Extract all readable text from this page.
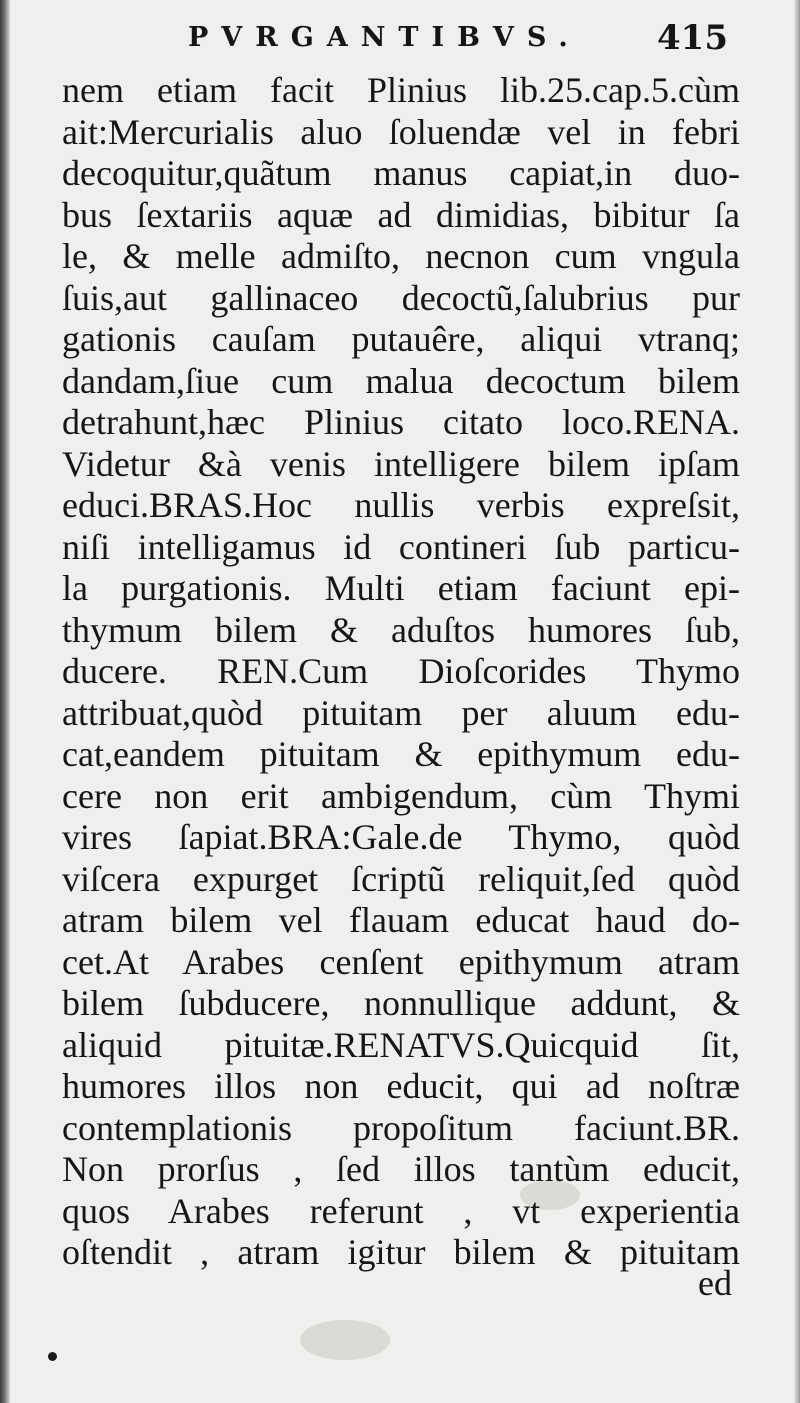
PVRGANTIBVS. 415
nem etiam facit Plinius lib.25.cap.5.cùm
ait:Mercurialis aluo ſoluendæ vel in febri
decoquitur,quãtum manus capiat,in duo-
bus ſextariis aquæ ad dimidias, bibitur ſa
le, & melle admiſto, necnon cum vngula
ſuis,aut gallinaceo decoctũ,ſalubrius pur
gationis cauſam putauêre, aliqui vtranq;
dandam,ſiue cum malua decoctum bilem
detrahunt,hæc Plinius citato loco.RENA.
Videtur &à venis intelligere bilem ipſam
educi.BRAS.Hoc nullis verbis expreſsit,
niſi intelligamus id contineri ſub particu-
la purgationis. Multi etiam faciunt epi-
thymum bilem & aduſtos humores ſub,
ducere. REN.Cum Dioſcorides Thymo
attribuat,quòd pituitam per aluum edu-
cat,eandem pituitam & epithymum edu-
cere non erit ambigendum, cùm Thymi
vires ſapiat.BRA:Gale.de Thymo, quòd
viſcera expurget ſcriptũ reliquit,ſed quòd
atram bilem vel flauam educat haud do-
cet.At Arabes cenſent epithymum atram
bilem ſubducere, nonnullique addunt, &
aliquid pituitæ.RENATVS.Quicquid ſit,
humores illos non educit, qui ad noſtræ
contemplationis propoſitum faciunt.BR.
Non prorſus , ſed illos tantùm educit,
quos Arabes referunt , vt experientia
oſtendit , atram igitur bilem & pituitam
ed
